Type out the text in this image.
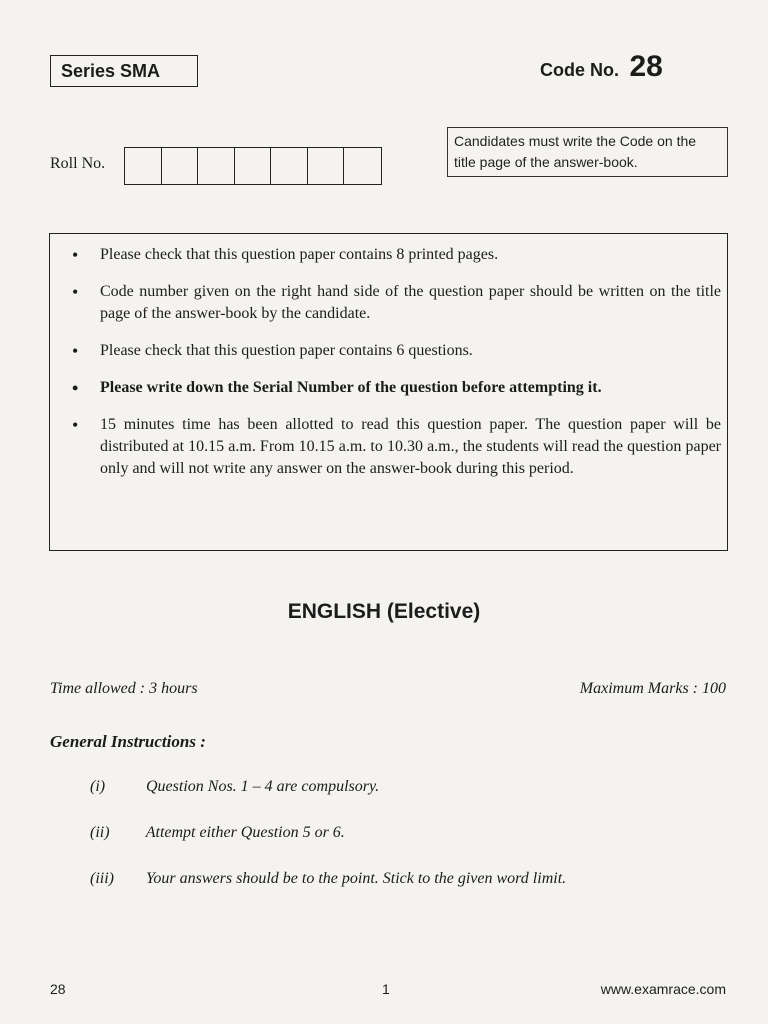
Series SMA	Code No. 28
Candidates must write the Code on the title page of the answer-book.
Roll No.
• Please check that this question paper contains 8 printed pages.
• Code number given on the right hand side of the question paper should be written on the title page of the answer-book by the candidate.
• Please check that this question paper contains 6 questions.
• Please write down the Serial Number of the question before attempting it.
• 15 minutes time has been allotted to read this question paper. The question paper will be distributed at 10.15 a.m. From 10.15 a.m. to 10.30 a.m., the students will read the question paper only and will not write any answer on the answer-book during this period.
ENGLISH (Elective)
Time allowed : 3 hours	Maximum Marks : 100
General Instructions :
(i)	Question Nos. 1 – 4 are compulsory.
(ii) Attempt either Question 5 or 6.
(iii) Your answers should be to the point. Stick to the given word limit.
28	1	www.examrace.com
